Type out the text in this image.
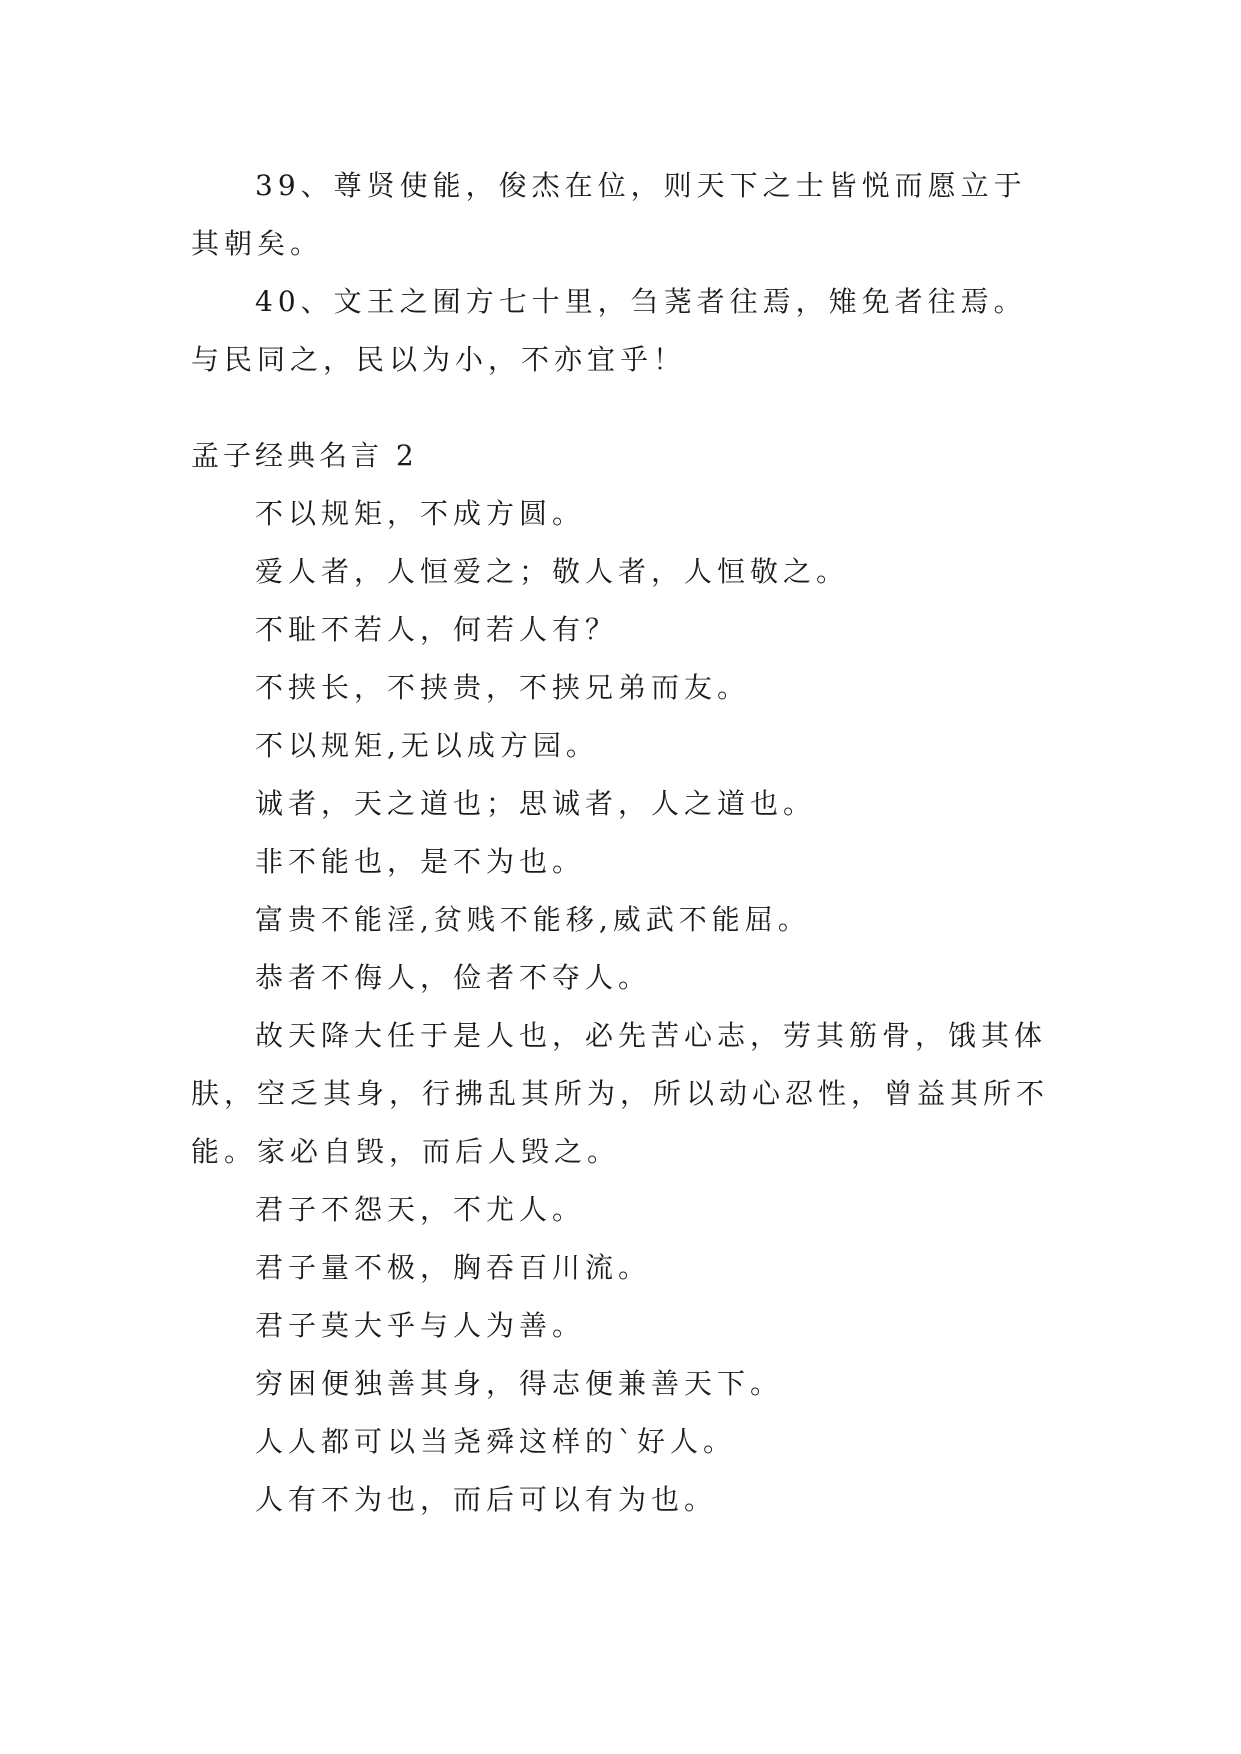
39、尊贤使能，俊杰在位，则天下之士皆悦而愿立于其朝矣。

40、文王之囿方七十里，刍荛者往焉，雉免者往焉。与民同之，民以为小，不亦宜乎！

孟子经典名言 2

不以规矩，不成方圆。

爱人者，人恒爱之；敬人者，人恒敬之。

不耻不若人，何若人有？

不挟长，不挟贵，不挟兄弟而友。

不以规矩,无以成方园。

诚者，天之道也；思诚者，人之道也。

非不能也，是不为也。

富贵不能淫,贫贱不能移,威武不能屈。

恭者不侮人，俭者不夺人。

故天降大任于是人也，必先苦心志，劳其筋骨，饿其体肤，空乏其身，行拂乱其所为，所以动心忍性，曾益其所不能。家必自毁，而后人毁之。

君子不怨天，不尤人。

君子量不极，胸吞百川流。

君子莫大乎与人为善。

穷困便独善其身，得志便兼善天下。

人人都可以当尧舜这样的`好人。

人有不为也，而后可以有为也。
